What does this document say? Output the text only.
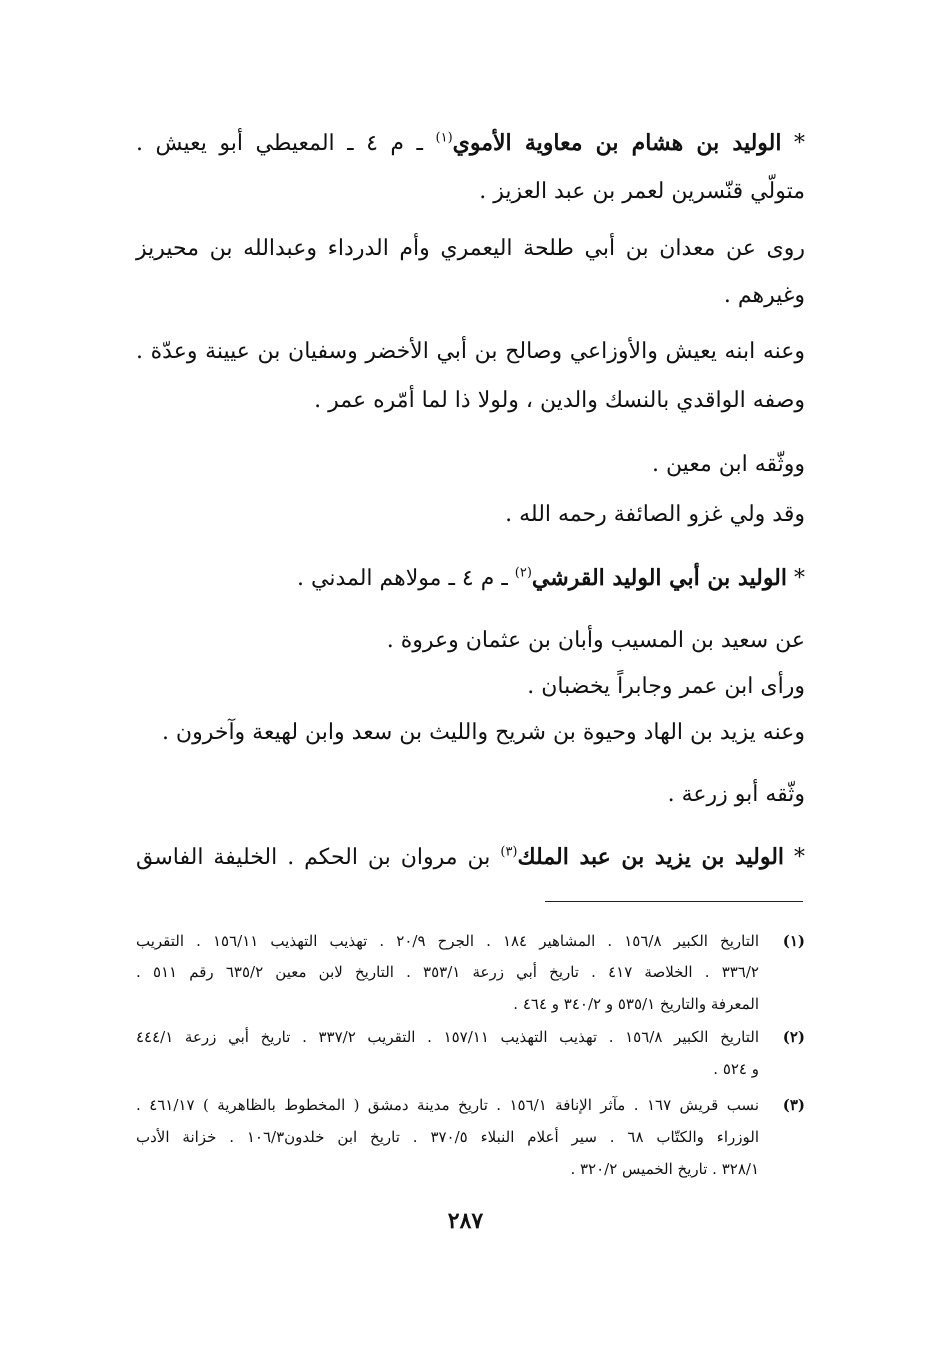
* الوليد بن هشام بن معاوية الأموي$^{(١)}$ ـ م ٤ ـ المعيطي أبو يعيش .

متولّي قنّسرين لعمر بن عبد العزيز .

روى عن معدان بن أبي طلحة اليعمري وأم الدرداء وعبدالله بن محيريز

وغيرهم .

وعنه ابنه يعيش والأوزاعي وصالح بن أبي الأخضر وسفيان بن عيينة وعدّة .

وصفه الواقدي بالنسك والدين ، ولولا ذا لما أمّره عمر .

ووثّقه ابن معين .

وقد ولي غزو الصائفة رحمه الله .

* الوليد بن أبي الوليد القرشي$^{(٢)}$ ـ م ٤ ـ مولاهم المدني .

عن سعيد بن المسيب وأبان بن عثمان وعروة .

ورأى ابن عمر وجابراً يخضبان .

وعنه يزيد بن الهاد وحيوة بن شريح والليث بن سعد وابن لهيعة وآخرون .

وثّقه أبو زرعة .

* الوليد بن يزيد بن عبد الملك$^{(٣)}$ بن مروان بن الحكم . الخليفة الفاسق

(١)

التاريخ الكبير ١٥٦/٨ . المشاهير ١٨٤ . الجرح ٢٠/٩ . تهذيب التهذيب ١٥٦/١١ . التقريب

٣٣٦/٢ . الخلاصة ٤١٧ . تاريخ أبي زرعة ٣٥٣/١ . التاريخ لابن معين ٦٣٥/٢ رقم ٥١١ .

المعرفة والتاريخ ٥٣٥/١ و ٣٤٠/٢ و ٤٦٤ .

(٢)

التاريخ الكبير ١٥٦/٨ . تهذيب التهذيب ١٥٧/١١ . التقريب ٣٣٧/٢ . تاريخ أبي زرعة ٤٤٤/١

و ٥٢٤ .

(٣)

نسب قريش ١٦٧ . مآثر الإنافة ١٥٦/١ . تاريخ مدينة دمشق ( المخطوط بالظاهرية ) ٤٦١/١٧ .

الوزراء والكتّاب ٦٨ . سير أعلام النبلاء ٣٧٠/٥ . تاريخ ابن خلدون١٠٦/٣ . خزانة الأدب

٣٢٨/١ . تاريخ الخميس ٣٢٠/٢ .

٢٨٧
